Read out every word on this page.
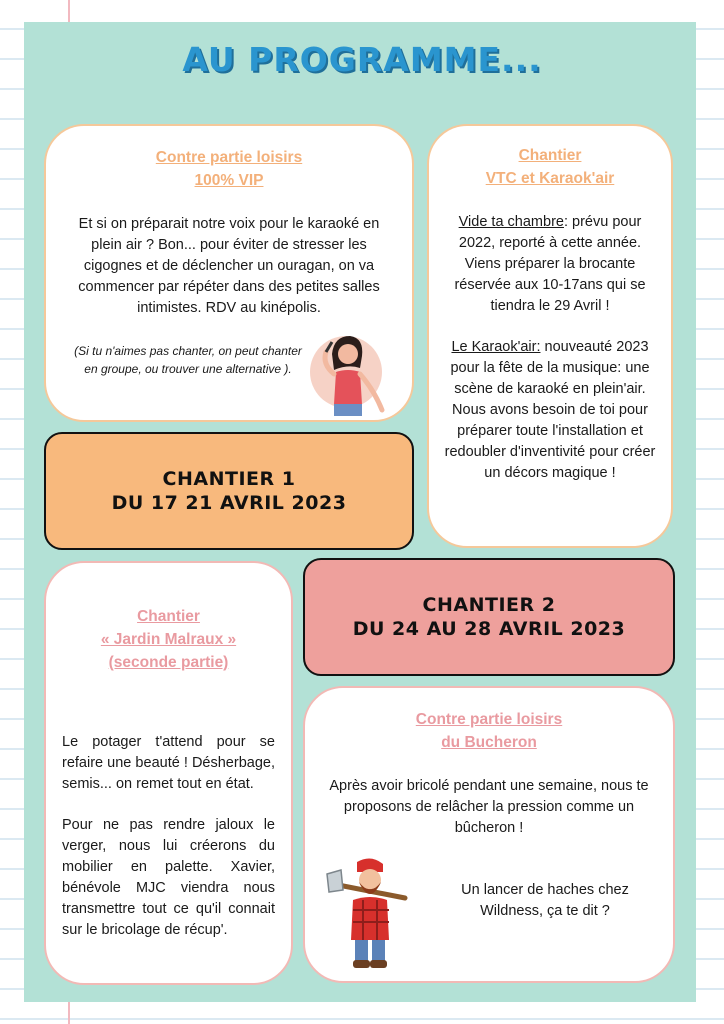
AU PROGRAMME...
Contre partie loisirs
100% VIP

Et si on préparait notre voix pour le karaoké en plein air ? Bon... pour éviter de stresser les cigognes et de déclencher un ouragan, on va commencer par répéter dans des petites salles intimistes. RDV au kinépolis.

(Si tu n'aimes pas chanter, on peut chanter en groupe, ou trouver une alternative ).
Chantier
VTC et Karaok'air

Vide ta chambre: prévu pour 2022, reporté à cette année. Viens préparer la brocante réservée aux 10-17ans qui se tiendra le 29 Avril !

Le Karaok'air: nouveauté 2023 pour la fête de la musique: une scène de karaoké en plein'air. Nous avons besoin de toi pour préparer toute l'installation et redoubler d'inventivité pour créer un décors magique !

CHANTIER 1
DU 17 21 AVRIL 2023
CHANTIER 2
DU 24 AU 28 AVRIL 2023
Chantier
« Jardin Malraux »
(seconde partie)

Le potager t'attend pour se refaire une beauté ! Désherbage, semis... on remet tout en état.

Pour ne pas rendre jaloux le verger, nous lui créerons du mobilier en palette. Xavier, bénévole MJC viendra nous transmettre tout ce qu'il connait sur le bricolage de récup'.

Contre partie loisirs
du Bucheron

Après avoir bricolé pendant une semaine, nous te proposons de relâcher la pression comme un bûcheron !

Un lancer de haches chez Wildness, ça te dit ?
